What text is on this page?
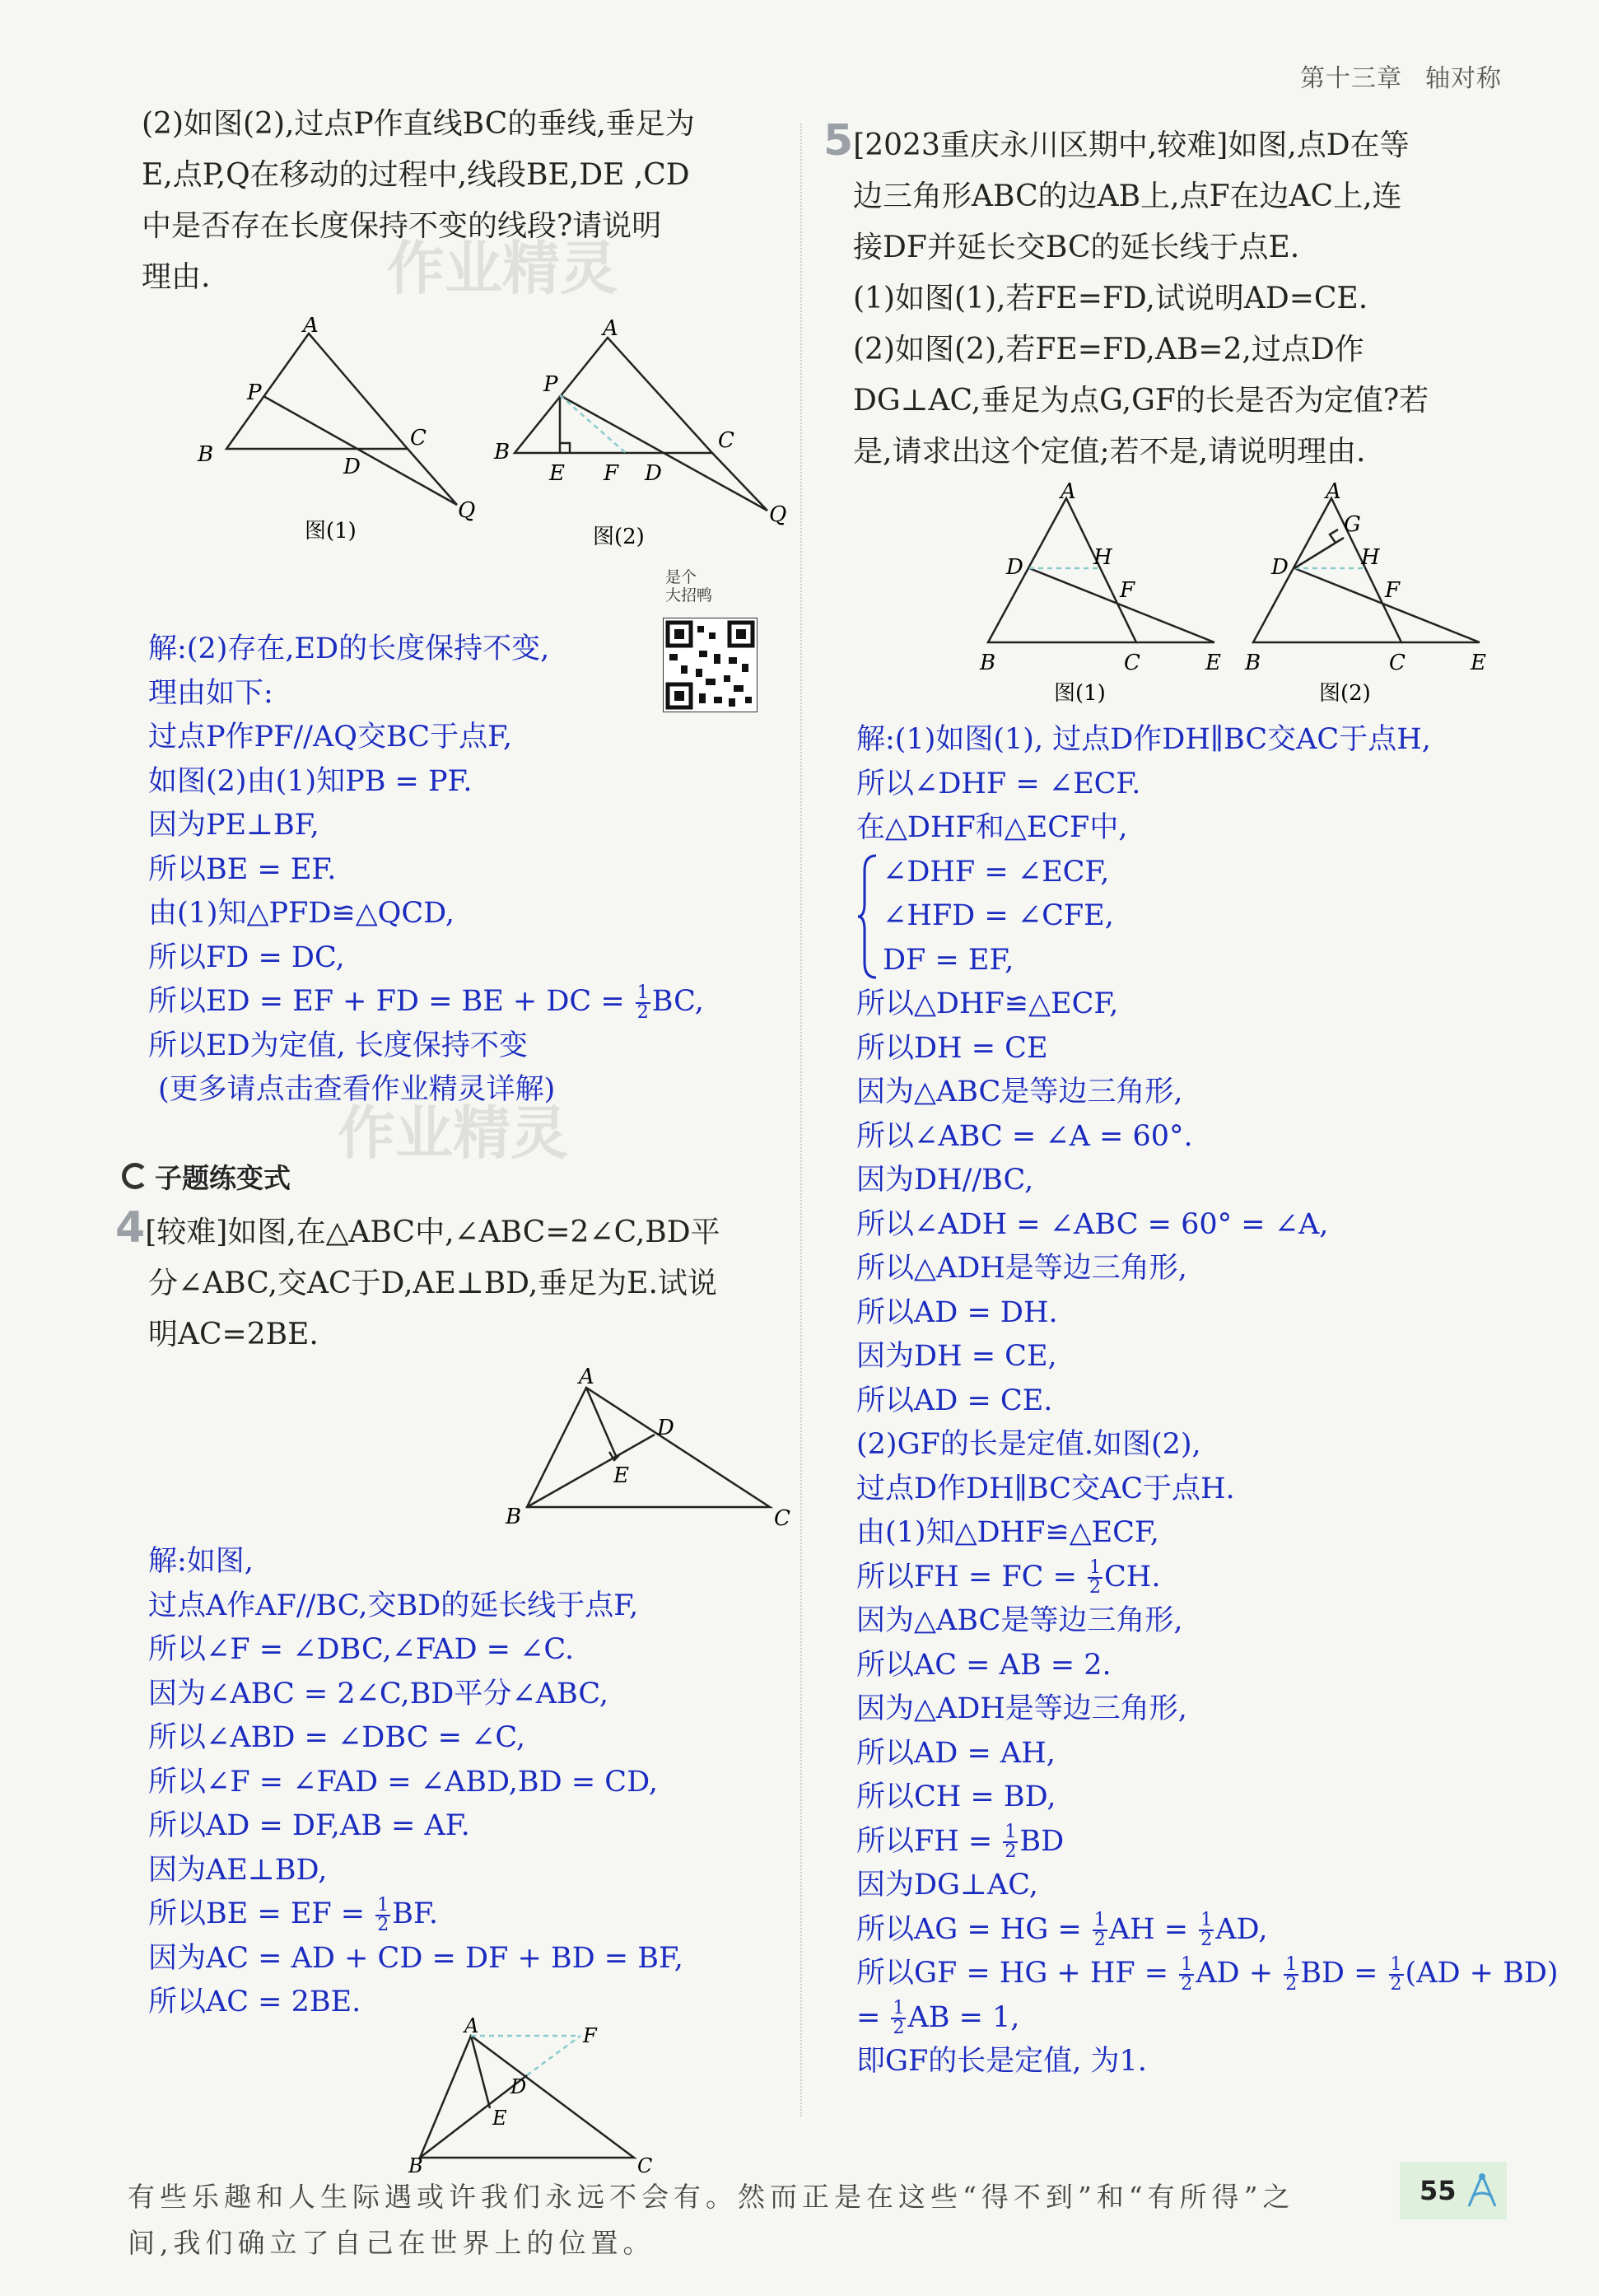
第十三章 轴对称

(2)如图(2),过点P作直线BC的垂线,垂足为

E,点P,Q在移动的过程中,线段BE,DE ,CD

中是否存在长度保持不变的线段?请说明

理由.	作业精灵
A
P
B
C
D
Q
图(1)
A
P
B
E F D
C
Q
图(2)
是个
大招鸭

解:(2)存在,ED的长度保持不变,

理由如下:

过点P作PF//AQ交BC于点F,

如图(2)由(1)知PB = PF.

因为PE⊥BF,

所以BE = EF.

由(1)知△PFD≌△QCD,

所以FD = DC,

所以ED = EF + FD = BE + DC = $\frac{1}{2}$ BC,

所以ED为定值, 长度保持不变

(更多请点击查看作业精灵详解)

作业精灵
子题练变式

4[较难]如图,在△ABC中,∠ABC=2∠C,BD平

分∠ABC,交AC于D,AE⊥BD,垂足为E.试说

明AC=2BE.

A
D
E
B	C

解:如图,

过点A作AF//BC,交BD的延长线于点F,

所以∠F = ∠DBC,∠FAD = ∠C.

因为∠ABC = 2∠C,BD平分∠ABC,

所以∠ABD = ∠DBC = ∠C,

所以∠F = ∠FAD = ∠ABD,BD = CD,

所以AD = DF,AB = AF.

因为AE⊥BD,

所以BE = EF = $\frac{1}{2}$ BF.

因为AC = AD + CD = DF + BD = BF,

所以AC = 2BE.

A	F
D
E
B	C

5[2023重庆永川区期中,较难]如图,点D在等

边三角形ABC的边AB上,点F在边AC上,连

接DF并延长交BC的延长线于点E.

(1)如图(1),若FE=FD,试说明AD=CE.

(2)如图(2),若FE=FD,AB=2,过点D作

DG⊥AC,垂足为点G,GF的长是否为定值?若

是,请求出这个定值;若不是,请说明理由.

A
D	H
F
B	C	E
图(1)
A
G
D	H
F
B	C	E
图(2)

解:(1)如图(1), 过点D作DH∥BC交AC于点H,

所以∠DHF = ∠ECF.

在△DHF和△ECF中,

∠DHF = ∠ECF,

∠HFD = ∠CFE,

DF = EF,

所以△DHF≌△ECF,

所以DH = CE

因为△ABC是等边三角形,

所以∠ABC = ∠A = 60°.

因为DH//BC,

所以∠ADH = ∠ABC = 60° = ∠A,

所以△ADH是等边三角形,

所以AD = DH.

因为DH = CE,

所以AD = CE.

(2)GF的长是定值.如图(2),

过点D作DH∥BC交AC于点H.

由(1)知△DHF≌△ECF,

所以FH = FC = $\frac{1}{2}$ CH.

因为△ABC是等边三角形,

所以AC = AB = 2.

因为△ADH是等边三角形,

所以AD = AH,

所以CH = BD,

所以FH = $\frac{1}{2}$ BD

因为DG⊥AC,

所以AG = HG = $\frac{1}{2}$ AH = $\frac{1}{2}$ AD,

所以GF = HG + HF = $\frac{1}{2}$ AD + $\frac{1}{2}$ BD = $\frac{1}{2} (AD + BD)$

= $\frac{1}{2}$ AB = 1,

即GF的长是定值, 为1.

有些乐趣和人生际遇或许我们永远不会有。然而正是在这些“得不到”和“有所得”之
间,我们确立了自己在世界上的位置。
55
